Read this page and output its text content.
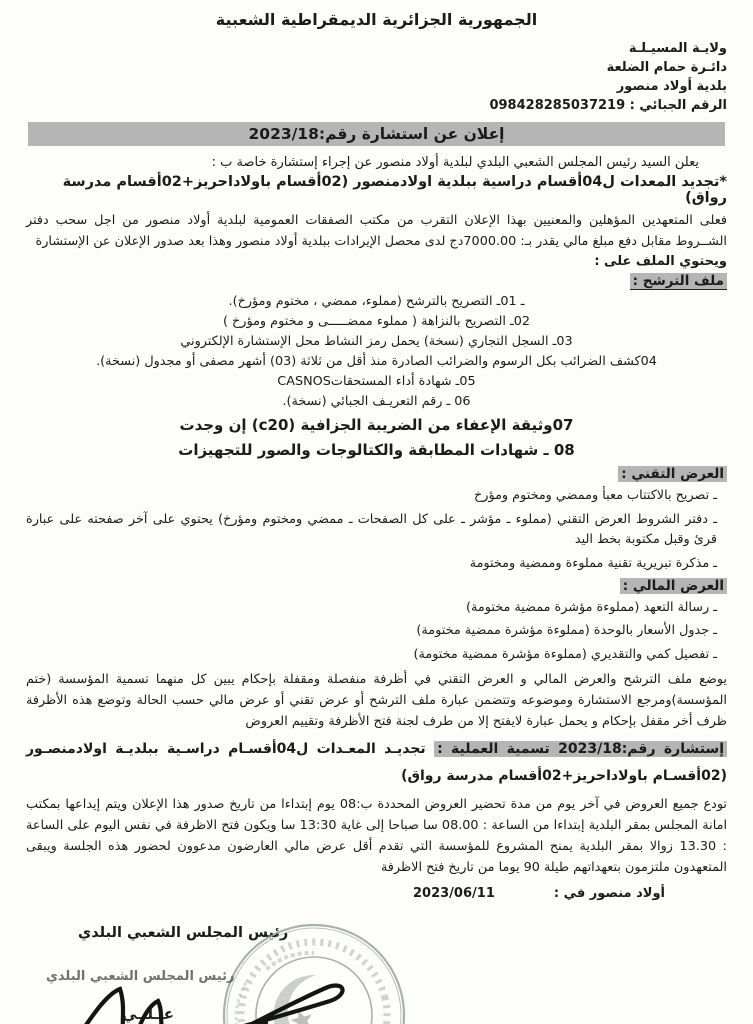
الجمهورية الجزائرية الديمقراطية الشعبية
ولايـة المسيـلـة
دائـرة حمام الضلعة
بلدية أولاد منصور
الرقم الجبائي : 098428285037219
إعلان عن استشارة رقم:2023/18

يعلن السيد رئيس المجلس الشعبي البلدي لبلدية أولاد منصور عن إجراء إستشارة خاصة ب :

*تجديد المعدات ل04أقسام دراسية ببلدية اولادمنصور (02أقسام باولاداحريز+02أقسام مدرسة رواق)

فعلى المتعهدين المؤهلين والمعنيين بهذا الإعلان التقرب من مكتب الصفقات العمومية لبلدية أولاد منصور من اجل سحب دفتر الشــروط مقابل دفع مبلغ مالي يقدر بـ: 7000.00دج لدى محصل الإيرادات ببلدية أولاد منصور وهذا بعد صدور الإعلان عن الإستشارة

ويحتوي الملف على :

ملف الترشح :
ـ 01ـ التصريح بالترشح (مملوء، ممضي ، مختوم ومؤرخ).
02ـ التصريح بالنزاهة ( مملوء ممضـــــى و مختوم ومؤرخ )
03ـ السجل التجاري (نسخة) يحمل رمز النشاط محل الإستشارة الإلكتروني
04كشف الضرائب بكل الرسوم والضرائب الصادرة منذ أقل من ثلاثة (03) أشهر مصفى أو مجدول (نسخة).
05ـ شهادة أداء المستحقاتCASNOS
06 ـ رقم التعريـف الجبائي (نسخة).
07وثيقة الإعفاء من الضريبة الجزافية (c20) إن وجدت
08 ـ شهادات المطابقة والكتالوجات والصور للتجهيزات
العرض التقني :
ـ تصريح بالاكتتاب معبأ وممضي ومختوم ومؤرخ
ـ دفتر الشروط العرض التقني (مملوء ـ مؤشر ـ على كل الصفحات ـ ممضي ومختوم ومؤرخ) يحتوي على آخر صفحته على عبارة قرئ وقبل مكتوبة بخط اليد
ـ مذكرة تبريرية تقنية مملوءة وممضية ومختومة
العرض المالي :
ـ رسالة التعهد (مملوءة مؤشرة ممضية مختومة)
ـ جدول الأسعار بالوحدة (مملوءة مؤشرة ممضية مختومة)
ـ تفصيل كمي والتقديري (مملوءة مؤشرة ممضية مختومة)

يوضع ملف الترشح والعرض المالي و العرض التقني في أظرفة منفصلة ومقفلة بإحكام يبين كل منهما تسمية المؤسسة (ختم المؤسسة)ومرجع الاستشارة وموضوعه وتتضمن عبارة ملف الترشح أو عرض تقني أو عرض مالي حسب الحالة وتوضع هذه الأظرفة ظرف أخر مقفل بإحكام و يحمل عبارة لايفتح إلا من طرف لجنة فتح الأظرفة وتقييم العروض

إستشارة رقم:2023/18 تسمية العملية : تجديـد المعـدات ل04أقسـام دراسـية ببلديـة اولادمنصـور (02أقسـام باولاداحريز+02أقسام مدرسة رواق)

تودع جميع العروض في آخر يوم من مدة تحضير العروض المحددة ب:08 يوم إبتداءا من تاريخ صدور هذا الإعلان ويتم إيداعها بمكتب امانة المجلس بمقر البلدية إبتداءا من الساعة : 08.00 سا صباحا إلى غاية 13:30 سا ويكون فتح الاظرفة في نفس اليوم على الساعة : 13.30 زوالا بمقر البلدية يمنح المشروع للمؤسسة التي تقدم أقل عرض مالي العارضون مدعوون لحضور هذه الجلسة ويبقى المتعهدون ملتزمون بتعهداتهم طيلة 90 يوما من تاريخ فتح الاظرفة

أولاد منصور في :
2023/06/11
رئيس المجلس الشعبي البلدي
رئيس المجلس الشعبي البلدي
عــلــي
